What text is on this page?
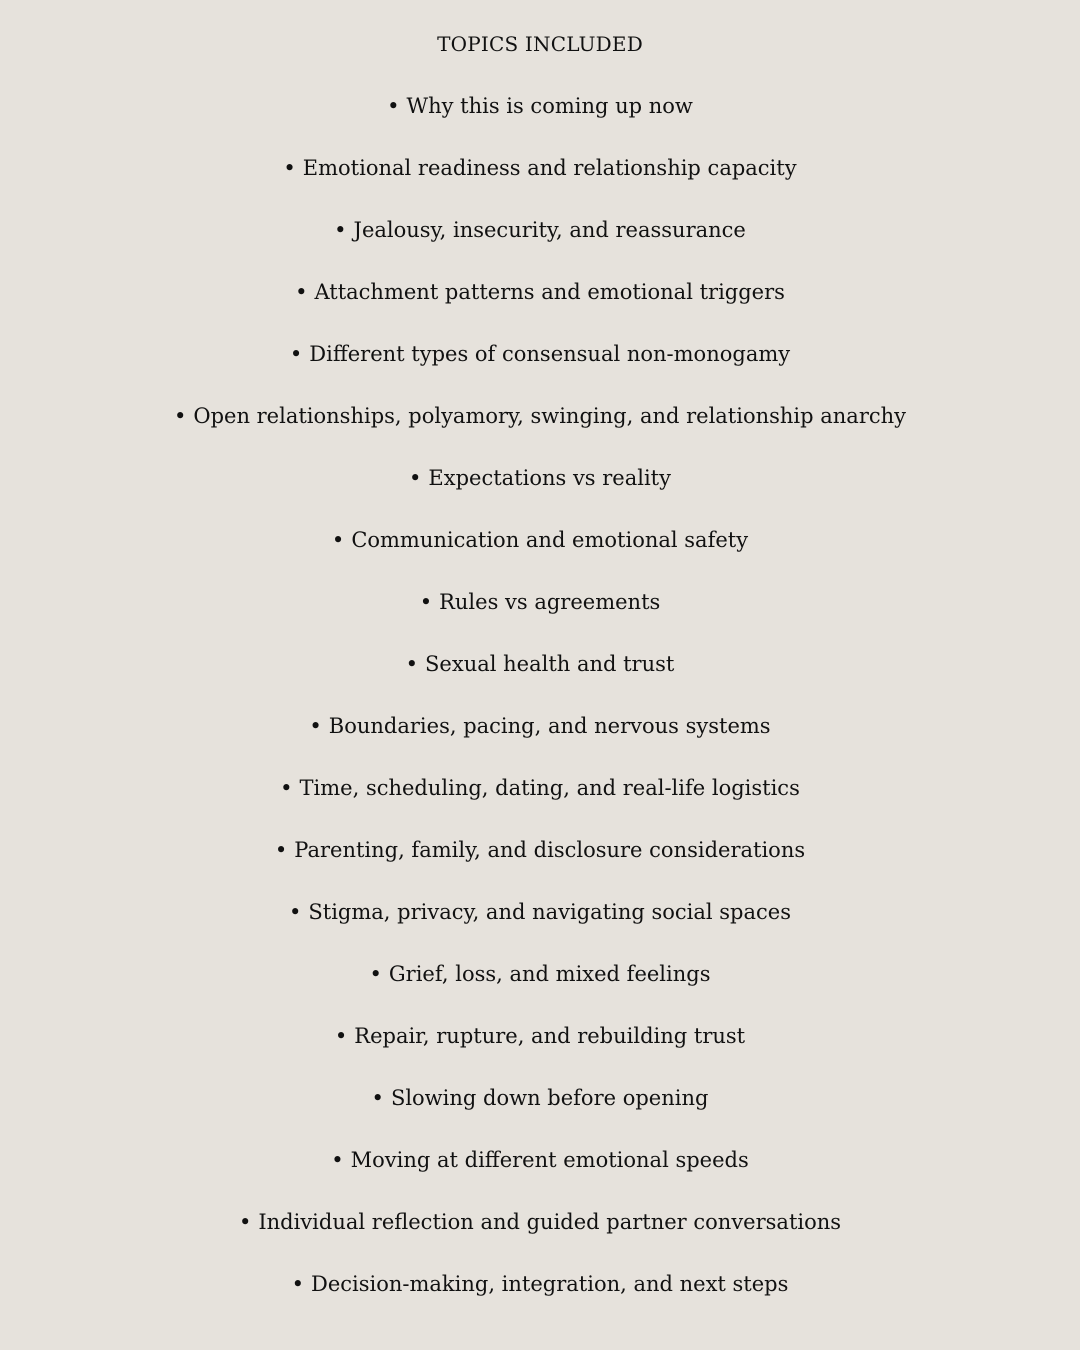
TOPICS INCLUDED
• Why this is coming up now
• Emotional readiness and relationship capacity
• Jealousy, insecurity, and reassurance
• Attachment patterns and emotional triggers
• Different types of consensual non-monogamy
• Open relationships, polyamory, swinging, and relationship anarchy
• Expectations vs reality
• Communication and emotional safety
• Rules vs agreements
• Sexual health and trust
• Boundaries, pacing, and nervous systems
• Time, scheduling, dating, and real-life logistics
• Parenting, family, and disclosure considerations
• Stigma, privacy, and navigating social spaces
• Grief, loss, and mixed feelings
• Repair, rupture, and rebuilding trust
• Slowing down before opening
• Moving at different emotional speeds
• Individual reflection and guided partner conversations
• Decision-making, integration, and next steps
